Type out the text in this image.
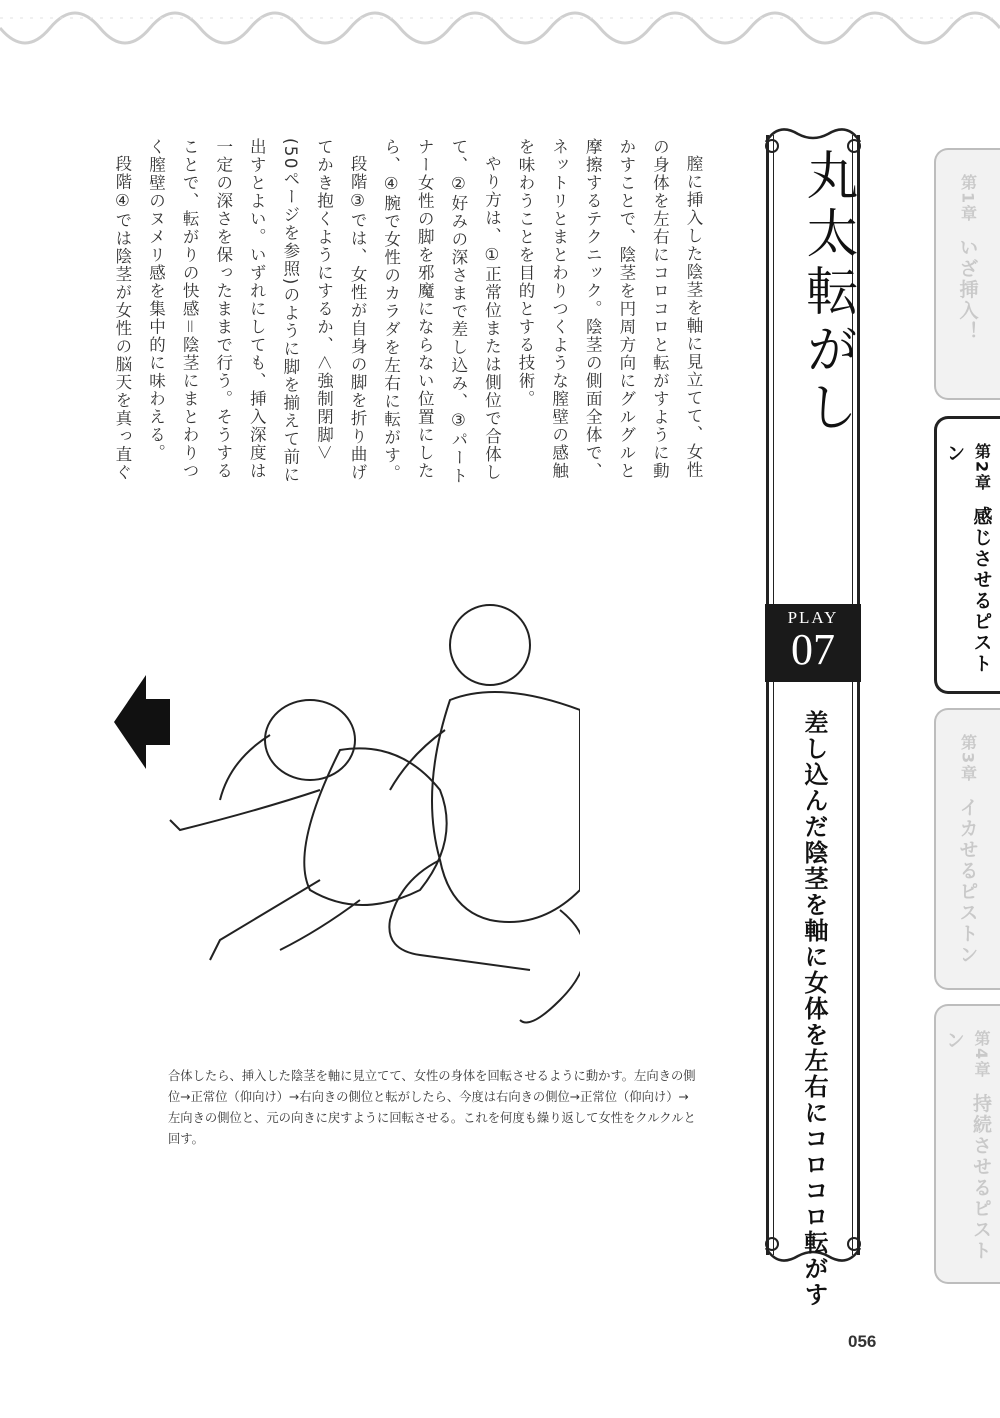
膣に挿入した陰茎を軸に見立てて、女性の身体を左右にコロコロと転がすように動かすことで、陰茎を円周方向にグルグルと摩擦するテクニック。陰茎の側面全体で、ネットリとまとわりつくような膣壁の感触を味わうことを目的とする技術。

やり方は、①正常位または側位で合体して、②好みの深さまで差し込み、③パートナー女性の脚を邪魔にならない位置にしたら、④腕で女性のカラダを左右に転がす。

段階③では、女性が自身の脚を折り曲げてかき抱くようにするか、＜強制閉脚＞(50ページを参照)のように脚を揃えて前に出すとよい。いずれにしても、挿入深度は一定の深さを保ったままで行う。そうすることで、転がりの快感＝陰茎にまとわりつく膣壁のヌメリ感を集中的に味わえる。

段階④では陰茎が女性の脳天を真っ直ぐ	丸太転がし
PLAY
07
差し込んだ陰茎を軸に女体を左右にコロコロ転がす
第1章いざ挿入！
第2章感じさせるピストン
第3章イカせるピストン
第4章持続させるピストン
合体したら、挿入した陰茎を軸に見立てて、女性の身体を回転させるように動かす。左向きの側位→正常位（仰向け）→右向きの側位と転がしたら、今度は右向きの側位→正常位（仰向け）→左向きの側位と、元の向きに戻すように回転させる。これを何度も繰り返して女性をクルクルと回す。
056
